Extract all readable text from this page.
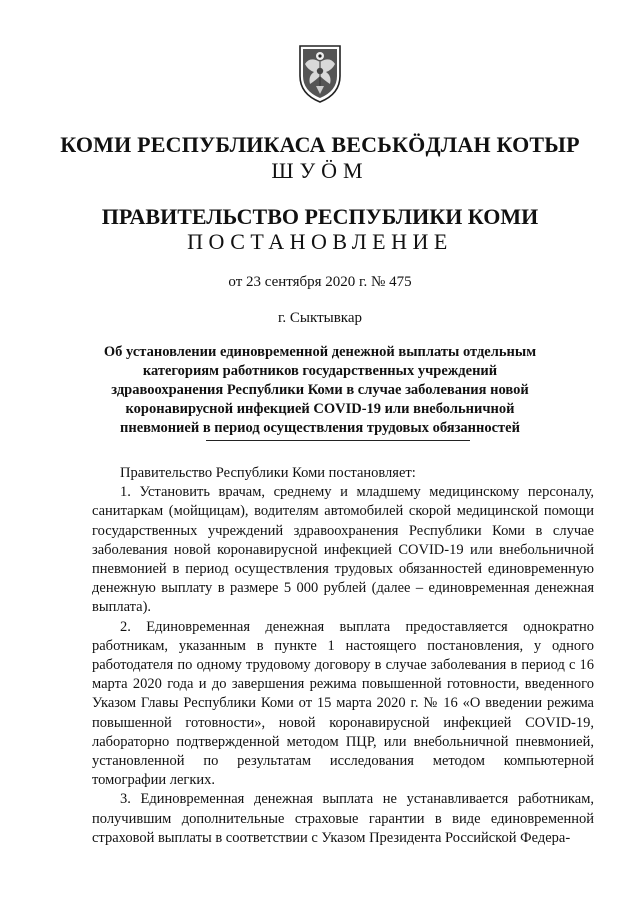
КОМИ РЕСПУБЛИКАСА ВЕСЬКÖДЛАН КОТЫР
ШУÖМ
ПРАВИТЕЛЬСТВО РЕСПУБЛИКИ КОМИ
ПОСТАНОВЛЕНИЕ
от 23 сентября 2020 г. № 475
г. Сыктывкар
Об установлении единовременной денежной выплаты отдельным категориям работников государственных учреждений здравоохранения Республики Коми в случае заболевания новой коронавирусной инфекцией COVID-19 или внебольничной пневмонией в период осуществления трудовых обязанностей

Правительство Республики Коми постановляет:

1. Установить врачам, среднему и младшему медицинскому персоналу, санитаркам (мойщицам), водителям автомобилей скорой медицинской помощи государственных учреждений здравоохранения Республики Коми в случае заболевания новой коронавирусной инфекцией COVID-19 или внебольничной пневмонией в период осуществления трудовых обязанностей единовременную денежную выплату в размере 5 000 рублей (далее – единовременная денежная выплата).

2. Единовременная денежная выплата предоставляется однократно работникам, указанным в пункте 1 настоящего постановления, у одного работодателя по одному трудовому договору в случае заболевания в период с 16 марта 2020 года и до завершения режима повышенной готовности, введенного Указом Главы Республики Коми от 15 марта 2020 г. № 16 «О введении режима повышенной готовности», новой коронавирусной инфекцией COVID-19, лабораторно подтвержденной методом ПЦР, или внебольничной пневмонией, установленной по результатам исследования методом компьютерной томографии легких.

3. Единовременная денежная выплата не устанавливается работникам, получившим дополнительные страховые гарантии в виде единовременной страховой выплаты в соответствии с Указом Президента Российской Федера-
